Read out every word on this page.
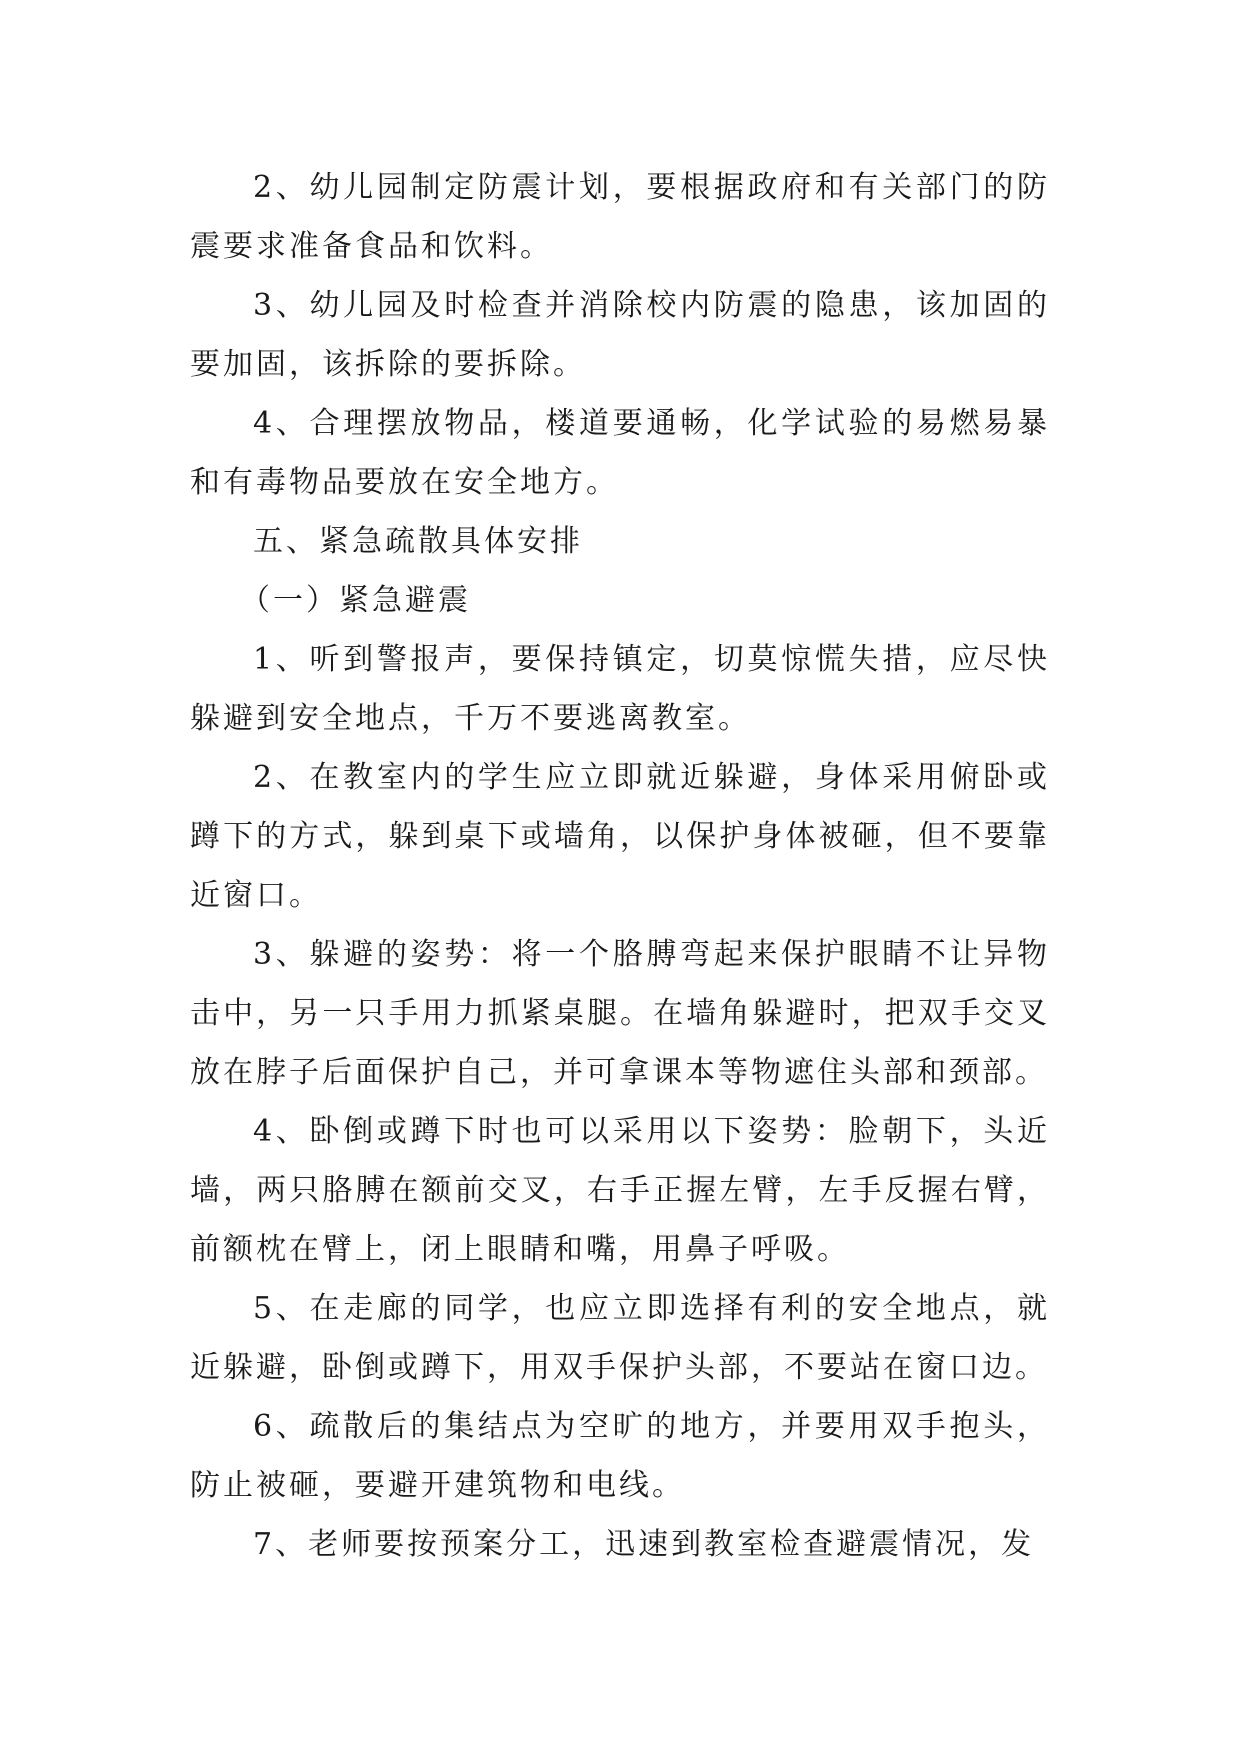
2、幼儿园制定防震计划，要根据政府和有关部门的防震要求准备食品和饮料。

3、幼儿园及时检查并消除校内防震的隐患，该加固的要加固，该拆除的要拆除。

4、合理摆放物品，楼道要通畅，化学试验的易燃易暴和有毒物品要放在安全地方。

五、紧急疏散具体安排

（一）紧急避震

1、听到警报声，要保持镇定，切莫惊慌失措，应尽快躲避到安全地点，千万不要逃离教室。

2、在教室内的学生应立即就近躲避，身体采用俯卧或蹲下的方式，躲到桌下或墙角，以保护身体被砸，但不要靠近窗口。

3、躲避的姿势：将一个胳膊弯起来保护眼睛不让异物击中，另一只手用力抓紧桌腿。在墙角躲避时，把双手交叉放在脖子后面保护自己，并可拿课本等物遮住头部和颈部。

4、卧倒或蹲下时也可以采用以下姿势：脸朝下，头近墙，两只胳膊在额前交叉，右手正握左臂，左手反握右臂，前额枕在臂上，闭上眼睛和嘴，用鼻子呼吸。

5、在走廊的同学，也应立即选择有利的安全地点，就近躲避，卧倒或蹲下，用双手保护头部，不要站在窗口边。

6、疏散后的集结点为空旷的地方，并要用双手抱头，防止被砸，要避开建筑物和电线。

7、老师要按预案分工，迅速到教室检查避震情况，发
